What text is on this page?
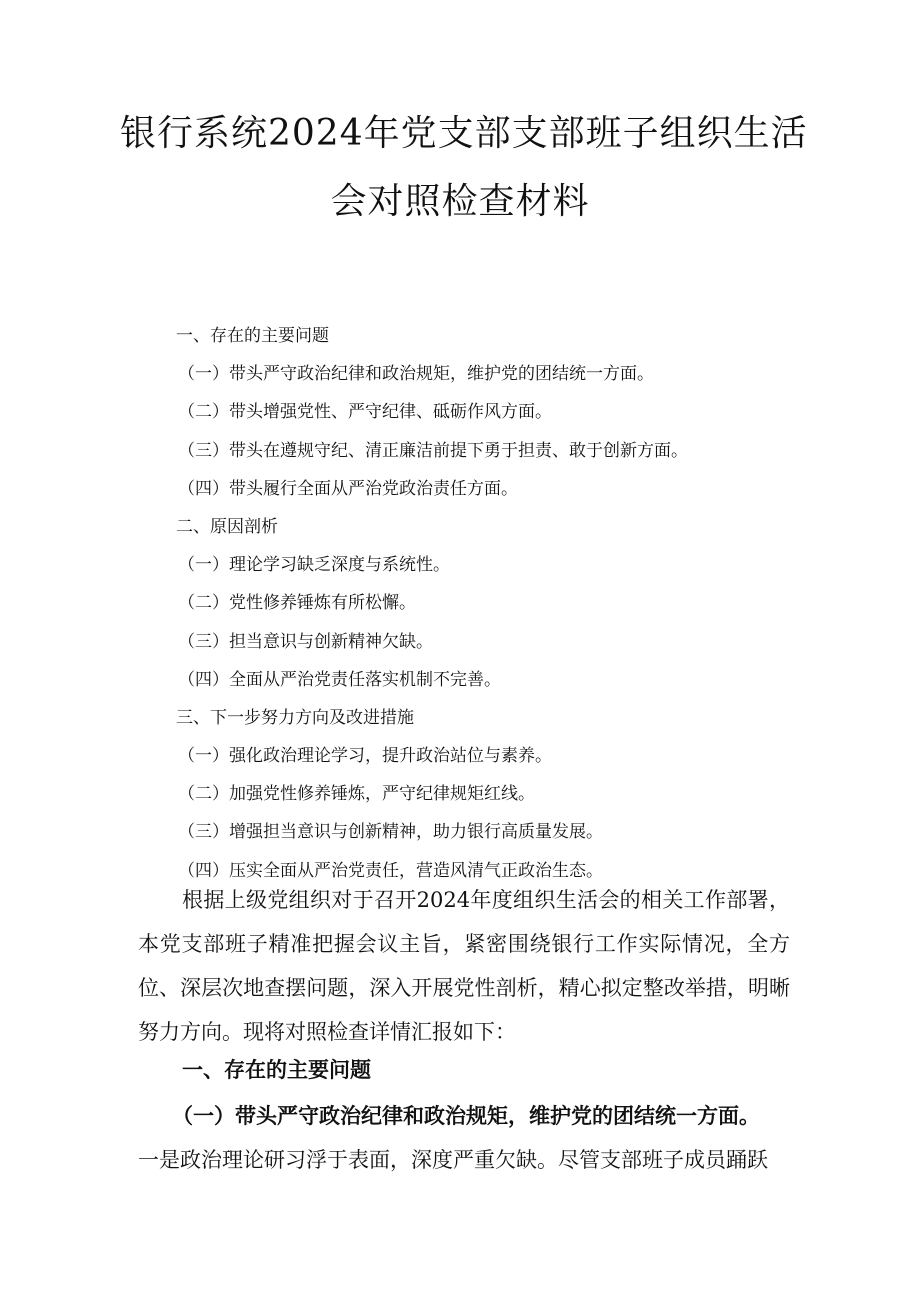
银行系统2024年党支部支部班子组织生活
会对照检查材料
一、存在的主要问题
（一）带头严守政治纪律和政治规矩，维护党的团结统一方面。
（二）带头增强党性、严守纪律、砥砺作风方面。
（三）带头在遵规守纪、清正廉洁前提下勇于担责、敢于创新方面。
（四）带头履行全面从严治党政治责任方面。
二、原因剖析
（一）理论学习缺乏深度与系统性。
（二）党性修养锤炼有所松懈。
（三）担当意识与创新精神欠缺。
（四）全面从严治党责任落实机制不完善。
三、下一步努力方向及改进措施
（一）强化政治理论学习，提升政治站位与素养。
（二）加强党性修养锤炼，严守纪律规矩红线。
（三）增强担当意识与创新精神，助力银行高质量发展。
（四）压实全面从严治党责任，营造风清气正政治生态。
根据上级党组织对于召开2024年度组织生活会的相关工作部署，本党支部班子精准把握会议主旨，紧密围绕银行工作实际情况，全方位、深层次地查摆问题，深入开展党性剖析，精心拟定整改举措，明晰努力方向。现将对照检查详情汇报如下：
一、存在的主要问题
（一）带头严守政治纪律和政治规矩，维护党的团结统一方面。
一是政治理论研习浮于表面，深度严重欠缺。尽管支部班子成员踊跃
